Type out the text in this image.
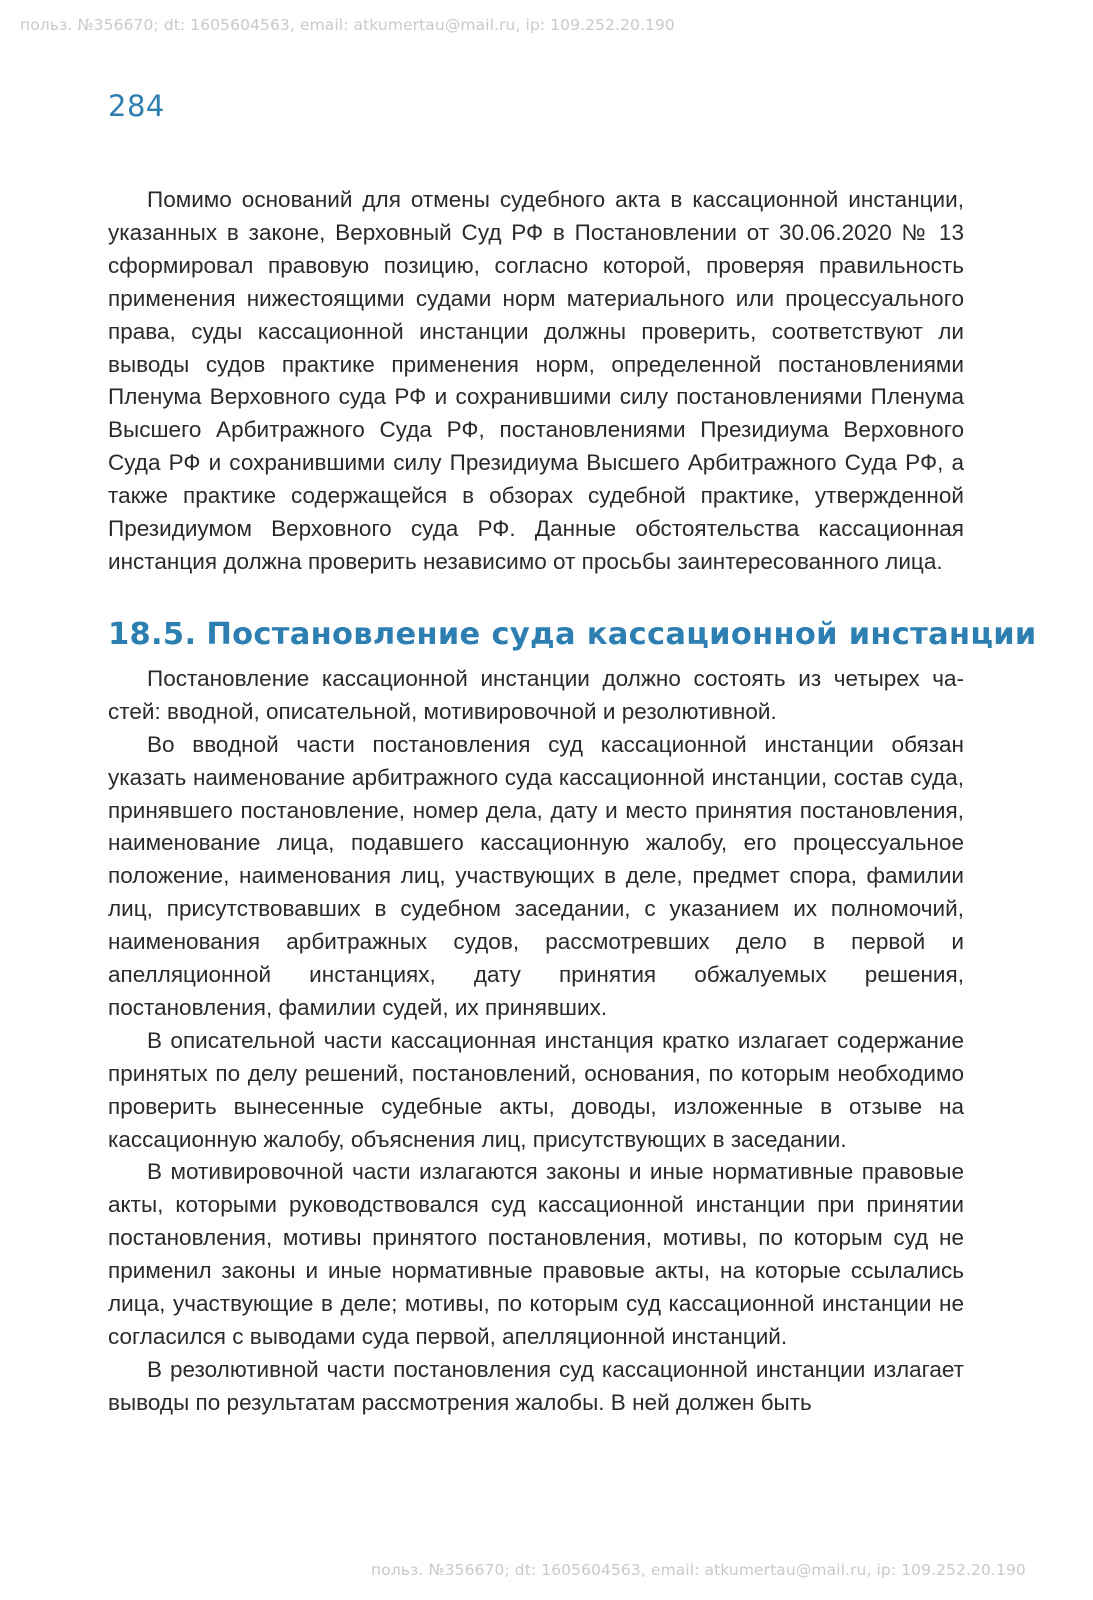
польз. №356670; dt: 1605604563, email: atkumertau@mail.ru, ip: 109.252.20.190
284

Помимо оснований для отмены судебного акта в кассационной инстанции, указанных в законе, Верховный Суд РФ в Постановлении от 30.06.2020 № 13 сформировал правовую позицию, согласно которой, проверяя правильность применения нижестоящими судами норм материального или процессуального права, суды кассационной инстанции должны проверить, соответствуют ли выводы судов практике применения норм, определенной постановлениями Пленума Верховного суда РФ и сохранившими силу постановлениями Пленума Высшего Арбитражного Суда РФ, постановлениями Президиума Верховного Суда РФ и сохранившими силу Президиума Высшего Арбитражного Суда РФ, а также практике содержащейся в обзорах судебной практике, утвержденной Президиумом Верховного суда РФ. Данные обстоятельства кассационная инстанция должна проверить независимо от просьбы заинтересованного лица.

18.5. Постановление суда кассационной инстанции

Постановление кассационной инстанции должно состоять из четырех частей: вводной, описательной, мотивировочной и резолютивной.

Во вводной части постановления суд кассационной инстанции обязан указать наименование арбитражного суда кассационной инстанции, состав суда, принявшего постановление, номер дела, дату и место принятия постановления, наименование лица, подавшего кассационную жалобу, его процессуальное положение, наименования лиц, участвующих в деле, предмет спора, фамилии лиц, присутствовавших в судебном заседании, с указанием их полномочий, наименования арбитражных судов, рассмотревших дело в первой и апелляционной инстанциях, дату принятия обжалуемых решения, постановления, фамилии судей, их принявших.

В описательной части кассационная инстанция кратко излагает содержание принятых по делу решений, постановлений, основания, по которым необходимо проверить вынесенные судебные акты, доводы, изложенные в отзыве на кассационную жалобу, объяснения лиц, присутствующих в заседании.

В мотивировочной части излагаются законы и иные нормативные правовые акты, которыми руководствовался суд кассационной инстанции при принятии постановления, мотивы принятого постановления, мотивы, по которым суд не применил законы и иные нормативные правовые акты, на которые ссылались лица, участвующие в деле; мотивы, по которым суд кассационной инстанции не согласился с выводами суда первой, апелляционной инстанций.

В резолютивной части постановления суд кассационной инстанции излагает выводы по результатам рассмотрения жалобы. В ней должен быть

польз. №356670; dt: 1605604563, email: atkumertau@mail.ru, ip: 109.252.20.190
